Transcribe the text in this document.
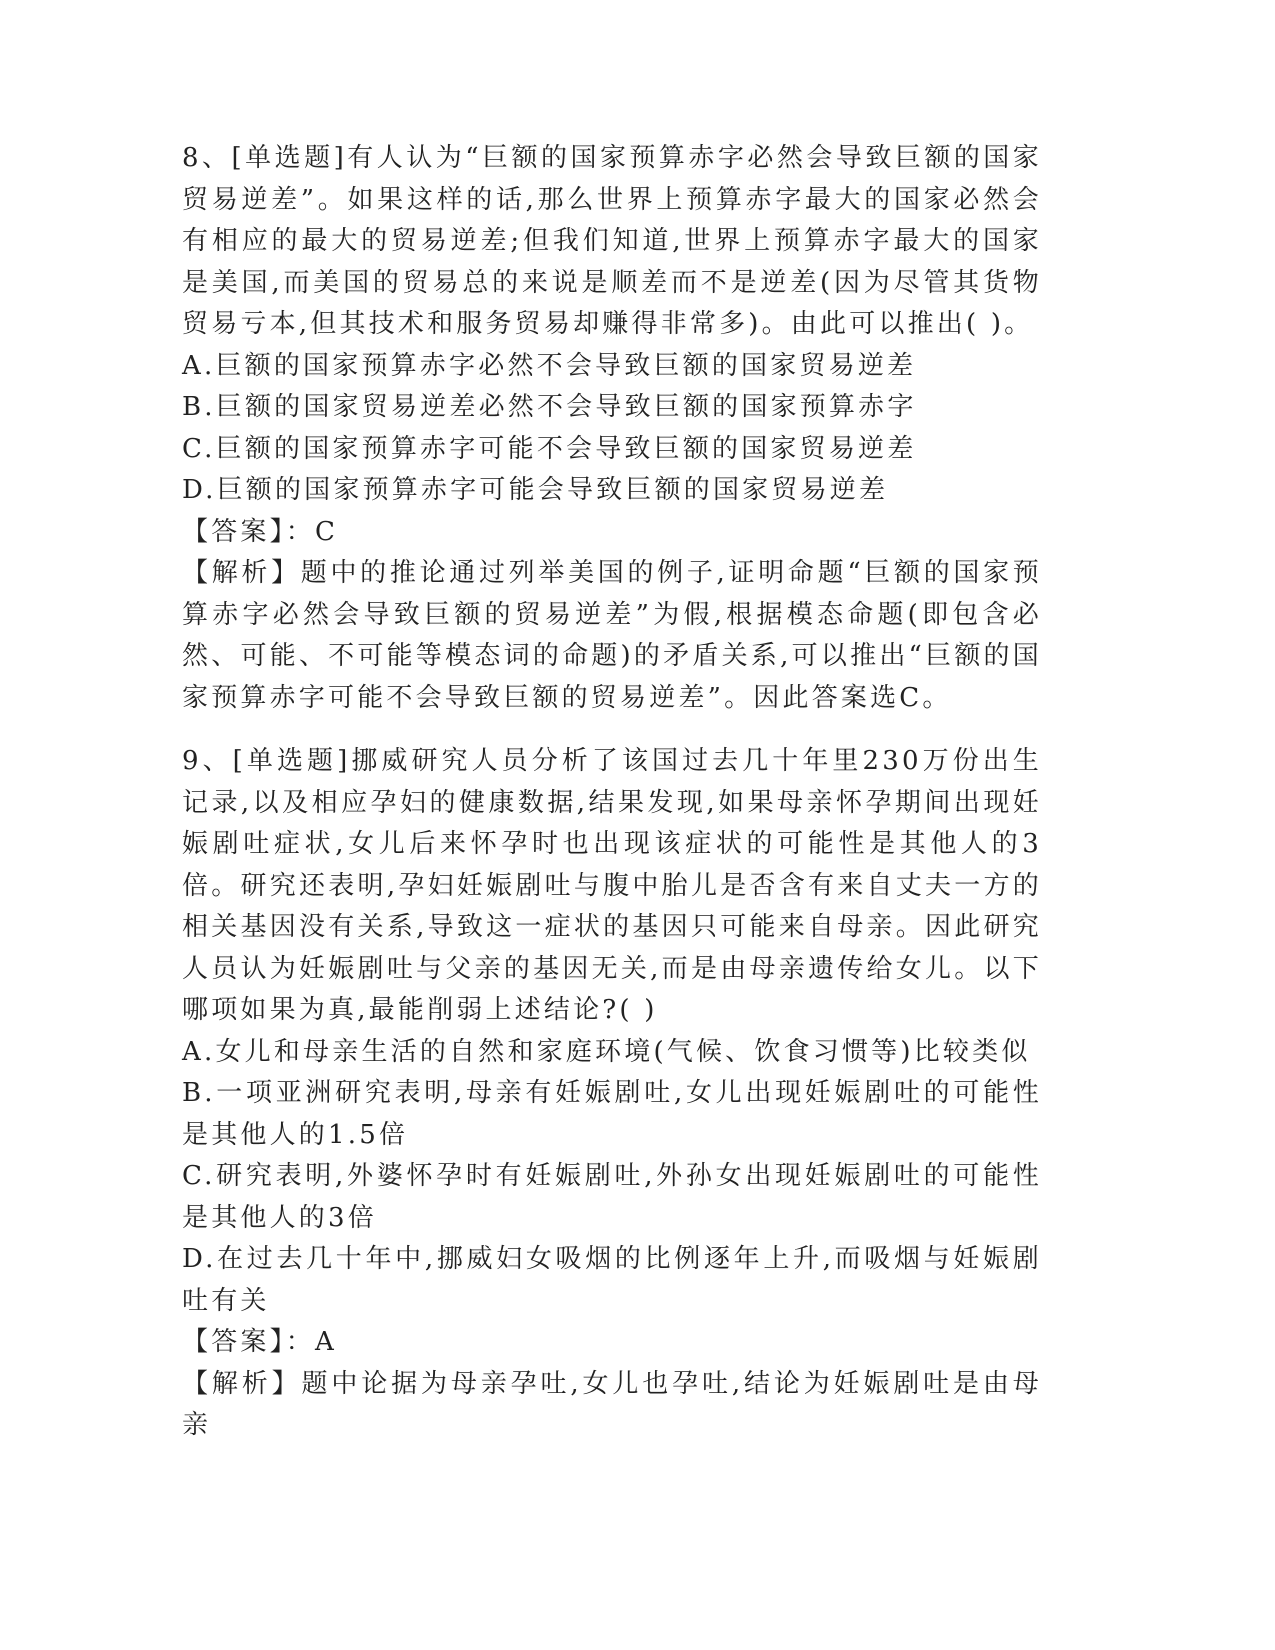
8、[单选题]有人认为“巨额的国家预算赤字必然会导致巨额的国家贸易逆差”。如果这样的话,那么世界上预算赤字最大的国家必然会有相应的最大的贸易逆差;但我们知道,世界上预算赤字最大的国家是美国,而美国的贸易总的来说是顺差而不是逆差(因为尽管其货物贸易亏本,但其技术和服务贸易却赚得非常多)。由此可以推出( )。

A.巨额的国家预算赤字必然不会导致巨额的国家贸易逆差

B.巨额的国家贸易逆差必然不会导致巨额的国家预算赤字

C.巨额的国家预算赤字可能不会导致巨额的国家贸易逆差

D.巨额的国家预算赤字可能会导致巨额的国家贸易逆差

【答案】：C

【解析】题中的推论通过列举美国的例子,证明命题“巨额的国家预算赤字必然会导致巨额的贸易逆差”为假,根据模态命题(即包含必然、可能、不可能等模态词的命题)的矛盾关系,可以推出“巨额的国家预算赤字可能不会导致巨额的贸易逆差”。因此答案选C。

9、[单选题]挪威研究人员分析了该国过去几十年里230万份出生记录,以及相应孕妇的健康数据,结果发现,如果母亲怀孕期间出现妊娠剧吐症状,女儿后来怀孕时也出现该症状的可能性是其他人的3倍。研究还表明,孕妇妊娠剧吐与腹中胎儿是否含有来自丈夫一方的相关基因没有关系,导致这一症状的基因只可能来自母亲。因此研究人员认为妊娠剧吐与父亲的基因无关,而是由母亲遗传给女儿。以下哪项如果为真,最能削弱上述结论?( )

A.女儿和母亲生活的自然和家庭环境(气候、饮食习惯等)比较类似

B.一项亚洲研究表明,母亲有妊娠剧吐,女儿出现妊娠剧吐的可能性是其他人的1.5倍

C.研究表明,外婆怀孕时有妊娠剧吐,外孙女出现妊娠剧吐的可能性是其他人的3倍

D.在过去几十年中,挪威妇女吸烟的比例逐年上升,而吸烟与妊娠剧吐有关

【答案】：A

【解析】题中论据为母亲孕吐,女儿也孕吐,结论为妊娠剧吐是由母亲
